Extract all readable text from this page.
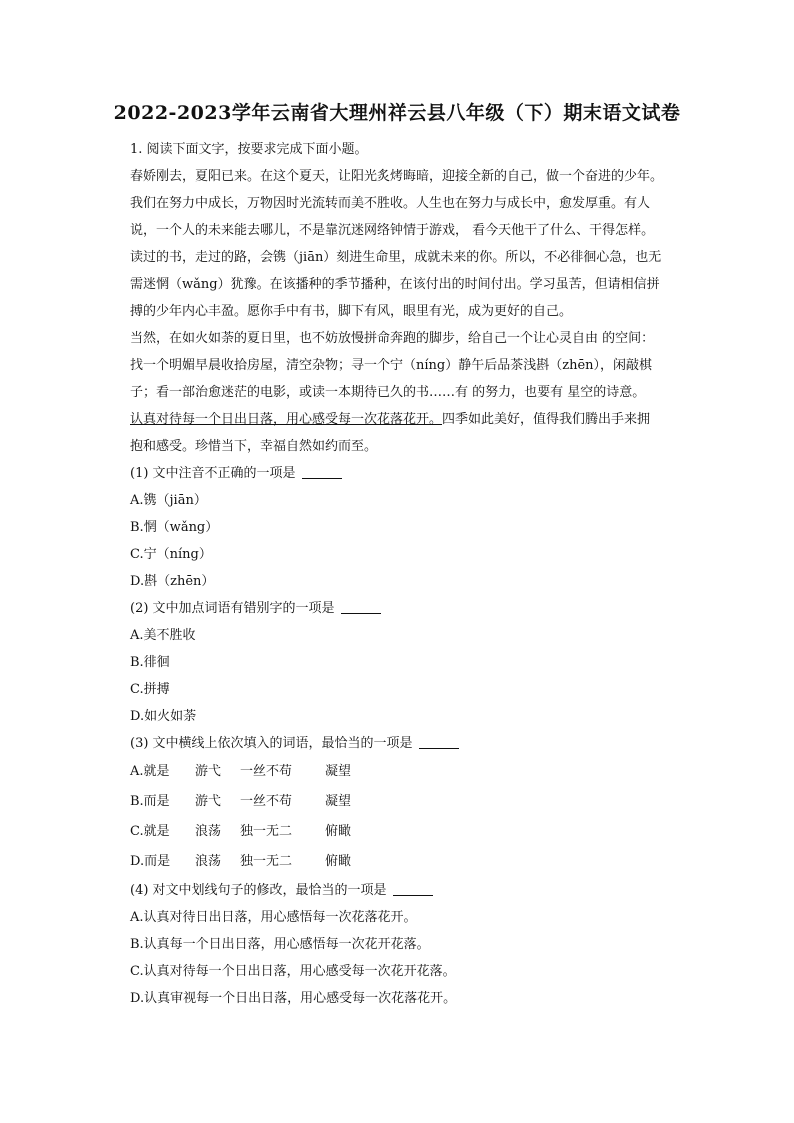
2022-2023学年云南省大理州祥云县八年级（下）期末语文试卷
1. 阅读下面文字，按要求完成下面小题。
春娇刚去，夏阳已来。在这个夏天，让阳光炙烤晦暗，迎接全新的自己，做一个奋进的少年。
我们在努力中成长，万物因时光流转而美不胜收。人生也在努力与成长中，愈发厚重。有人
说，一个人的未来能去哪儿，不是靠沉迷网络钟情于游戏， 看今天他干了什么、干得怎样。
读过的书，走过的路，会镌（jiān）刻进生命里，成就未来的你。所以，不必徘徊心急，也无
需迷惘（wǎng）犹豫。在该播种的季节播种，在该付出的时间付出。学习虽苦，但请相信拼
搏的少年内心丰盈。愿你手中有书，脚下有风，眼里有光，成为更好的自己。
当然，在如火如荼的夏日里，也不妨放慢拼命奔跑的脚步，给自己一个让心灵自由 的空间：
找一个明媚早晨收拾房屋，清空杂物；寻一个宁（níng）静午后品茶浅斟（zhēn），闲敲棋
子；看一部治愈迷茫的电影，或读一本期待已久的书……有 的努力，也要有 星空的诗意。
认真对待每一个日出日落，用心感受每一次花落花开。四季如此美好，值得我们腾出手来拥
抱和感受。珍惜当下，幸福自然如约而至。
(1) 文中注音不正确的一项是
A.镌（jiān）
B.惘（wǎng）
C.宁（níng）
D.斟（zhēn）
(2) 文中加点词语有错别字的一项是
A.美不胜收
B.徘徊
C.拼搏
D.如火如荼
(3) 文中横线上依次填入的词语，最恰当的一项是
A.就是 游弋 一丝不苟	凝望
B.而是 游弋 一丝不苟	凝望
C.就是 浪荡 独一无二	俯瞰
D.而是 浪荡 独一无二	俯瞰
(4) 对文中划线句子的修改，最恰当的一项是
A.认真对待日出日落，用心感悟每一次花落花开。
B.认真每一个日出日落，用心感悟每一次花开花落。
C.认真对待每一个日出日落，用心感受每一次花开花落。
D.认真审视每一个日出日落，用心感受每一次花落花开。
